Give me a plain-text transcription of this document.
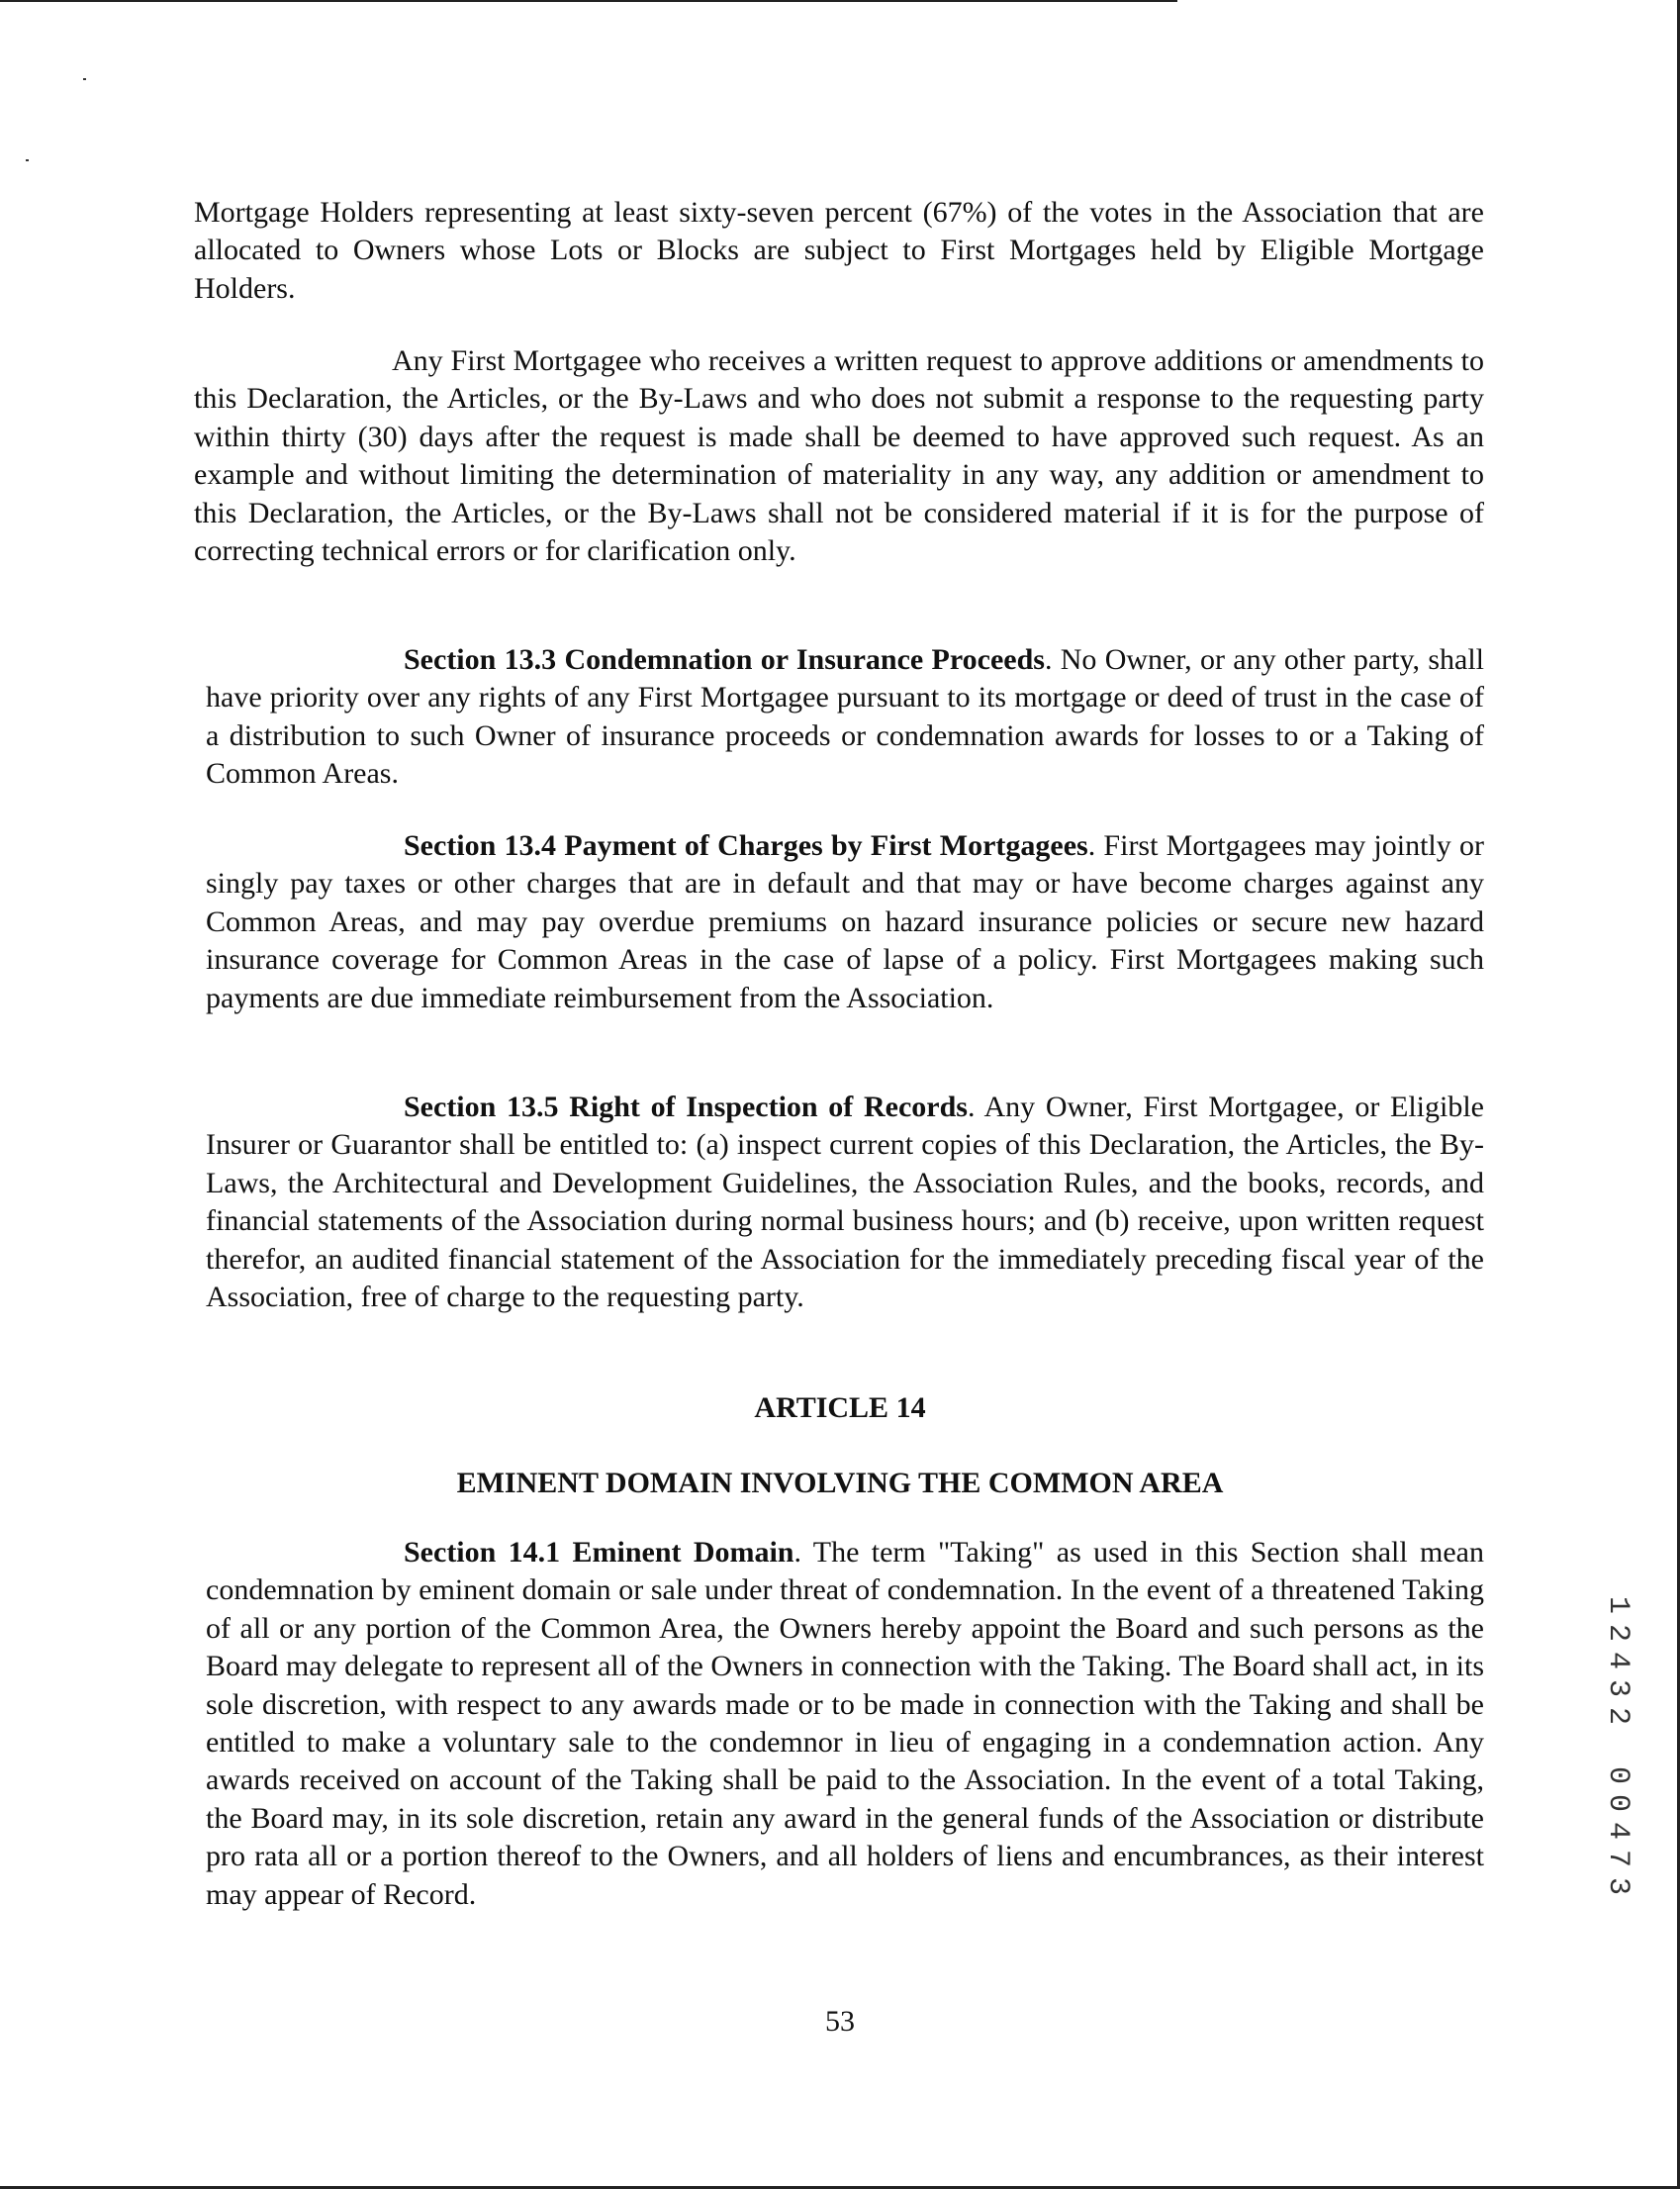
Mortgage Holders representing at least sixty-seven percent (67%) of the votes in the Association that are allocated to Owners whose Lots or Blocks are subject to First Mortgages held by Eligible Mortgage Holders.

Any First Mortgagee who receives a written request to approve additions or amendments to this Declaration, the Articles, or the By-Laws and who does not submit a response to the requesting party within thirty (30) days after the request is made shall be deemed to have approved such request. As an example and without limiting the determination of materiality in any way, any addition or amendment to this Declaration, the Articles, or the By-Laws shall not be considered material if it is for the purpose of correcting technical errors or for clarification only.

Section 13.3 Condemnation or Insurance Proceeds. No Owner, or any other party, shall have priority over any rights of any First Mortgagee pursuant to its mortgage or deed of trust in the case of a distribution to such Owner of insurance proceeds or condemnation awards for losses to or a Taking of Common Areas.

Section 13.4 Payment of Charges by First Mortgagees. First Mortgagees may jointly or singly pay taxes or other charges that are in default and that may or have become charges against any Common Areas, and may pay overdue premiums on hazard insurance policies or secure new hazard insurance coverage for Common Areas in the case of lapse of a policy. First Mortgagees making such payments are due immediate reimbursement from the Association.

Section 13.5 Right of Inspection of Records. Any Owner, First Mortgagee, or Eligible Insurer or Guarantor shall be entitled to: (a) inspect current copies of this Declaration, the Articles, the By-Laws, the Architectural and Development Guidelines, the Association Rules, and the books, records, and financial statements of the Association during normal business hours; and (b) receive, upon written request therefor, an audited financial statement of the Association for the immediately preceding fiscal year of the Association, free of charge to the requesting party.

ARTICLE 14
EMINENT DOMAIN INVOLVING THE COMMON AREA

Section 14.1 Eminent Domain. The term "Taking" as used in this Section shall mean condemnation by eminent domain or sale under threat of condemnation. In the event of a threatened Taking of all or any portion of the Common Area, the Owners hereby appoint the Board and such persons as the Board may delegate to represent all of the Owners in connection with the Taking. The Board shall act, in its sole discretion, with respect to any awards made or to be made in connection with the Taking and shall be entitled to make a voluntary sale to the condemnor in lieu of engaging in a condemnation action. Any awards received on account of the Taking shall be paid to the Association. In the event of a total Taking, the Board may, in its sole discretion, retain any award in the general funds of the Association or distribute pro rata all or a portion thereof to the Owners, and all holders of liens and encumbrances, as their interest may appear of Record.

53
1
2
4
3
2
0
0
4
7
3
